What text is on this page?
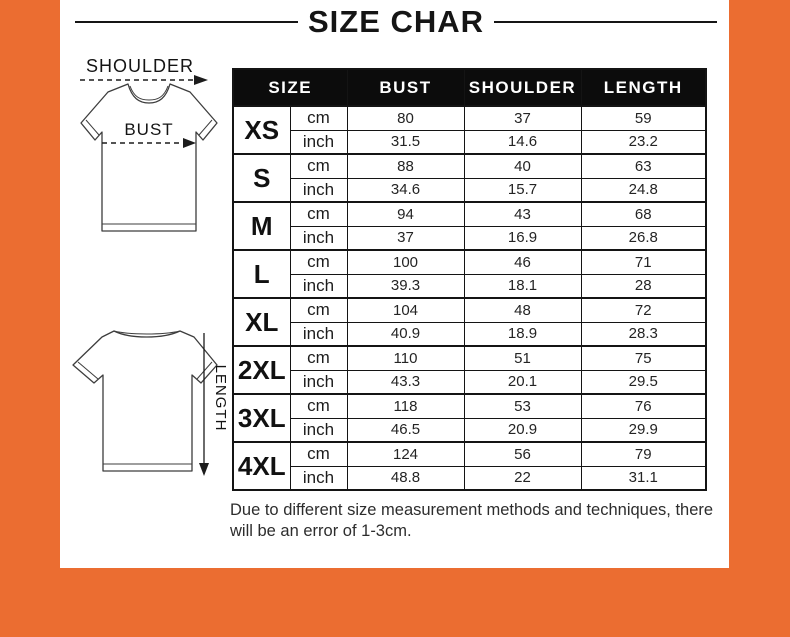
SIZE CHAR
SHOULDER
BUST
LENGTH
SIZE		BUST	SHOULDER	LENGTH
XS	cm	80	37	59
	inch	31.5	14.6	23.2
S	cm	88	40	63
	inch	34.6	15.7	24.8
M	cm	94	43	68
	inch	37	16.9	26.8
L	cm	100	46	71
	inch	39.3	18.1	28
XL	cm	104	48	72
	inch	40.9	18.9	28.3
2XL	cm	110	51	75
	inch	43.3	20.1	29.5
3XL	cm	118	53	76
	inch	46.5	20.9	29.9
4XL	cm	124	56	79
	inch	48.8	22	31.1

Due to different size measurement methods and techniques, there will be an error of 1-3cm.
